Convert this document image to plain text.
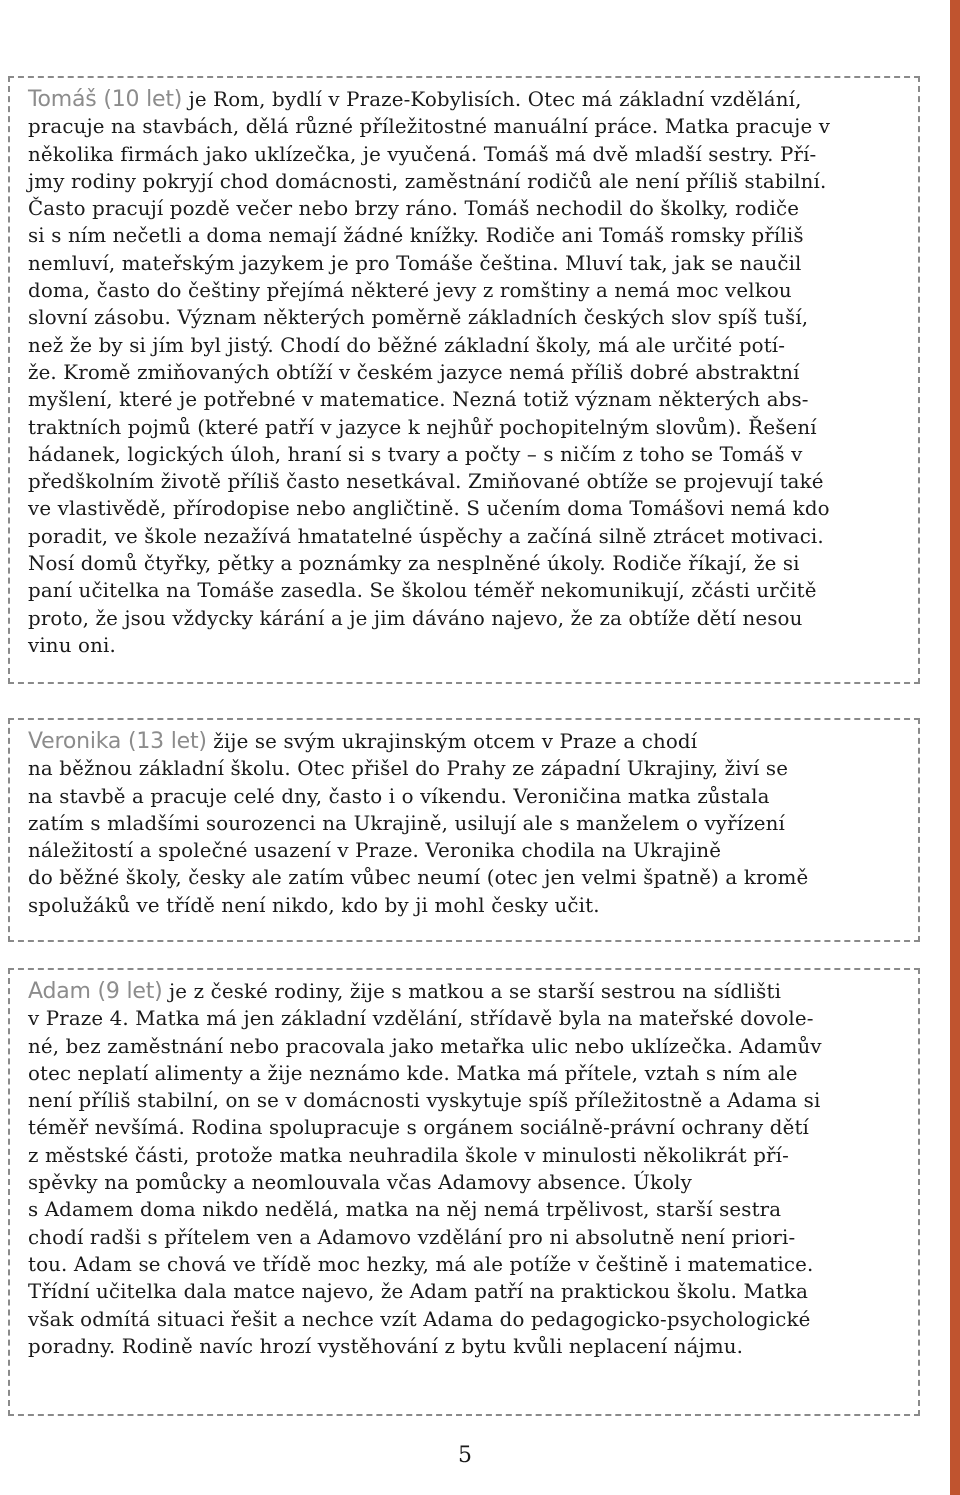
Tomáš (10 let) je Rom, bydlí v Praze-Kobylisích. Otec má základní vzdělání,
pracuje na stavbách, dělá různé příležitostné manuální práce. Matka pracuje v
několika firmách jako uklízečka, je vyučená. Tomáš má dvě mladší sestry. Pří-
jmy rodiny pokryjí chod domácnosti, zaměstnání rodičů ale není příliš stabilní.
Často pracují pozdě večer nebo brzy ráno. Tomáš nechodil do školky, rodiče
si s ním nečetli a doma nemají žádné knížky. Rodiče ani Tomáš romsky příliš
nemluví, mateřským jazykem je pro Tomáše čeština. Mluví tak, jak se naučil
doma, často do češtiny přejímá některé jevy z romštiny a nemá moc velkou
slovní zásobu. Význam některých poměrně základních českých slov spíš tuší,
než že by si jím byl jistý. Chodí do běžné základní školy, má ale určité potí-
že. Kromě zmiňovaných obtíží v českém jazyce nemá příliš dobré abstraktní
myšlení, které je potřebné v matematice. Nezná totiž význam některých abs-
traktních pojmů (které patří v jazyce k nejhůř pochopitelným slovům). Řešení
hádanek, logických úloh, hraní si s tvary a počty – s ničím z toho se Tomáš v
předškolním životě příliš často nesetkával. Zmiňované obtíže se projevují také
ve vlastivědě, přírodopise nebo angličtině. S učením doma Tomášovi nemá kdo
poradit, ve škole nezažívá hmatatelné úspěchy a začíná silně ztrácet motivaci.
Nosí domů čtyřky, pětky a poznámky za nesplněné úkoly. Rodiče říkají, že si
paní učitelka na Tomáše zasedla. Se školou téměř nekomunikují, zčásti určitě
proto, že jsou vždycky kárání a je jim dáváno najevo, že za obtíže dětí nesou
vinu oni.

Veronika (13 let) žije se svým ukrajinským otcem v Praze a chodí
na běžnou základní školu. Otec přišel do Prahy ze západní Ukrajiny, živí se
na stavbě a pracuje celé dny, často i o víkendu. Veroničina matka zůstala
zatím s mladšími sourozenci na Ukrajině, usilují ale s manželem o vyřízení
náležitostí a společné usazení v Praze. Veronika chodila na Ukrajině
do běžné školy, česky ale zatím vůbec neumí (otec jen velmi špatně) a kromě
spolužáků ve třídě není nikdo, kdo by ji mohl česky učit.

Adam (9 let) je z české rodiny, žije s matkou a se starší sestrou na sídlišti
v Praze 4. Matka má jen základní vzdělání, střídavě byla na mateřské dovole-
né, bez zaměstnání nebo pracovala jako metařka ulic nebo uklízečka. Adamův
otec neplatí alimenty a žije neznámo kde. Matka má přítele, vztah s ním ale
není příliš stabilní, on se v domácnosti vyskytuje spíš příležitostně a Adama si
téměř nevšímá. Rodina spolupracuje s orgánem sociálně-právní ochrany dětí
z městské části, protože matka neuhradila škole v minulosti několikrát pří-
spěvky na pomůcky a neomlouvala včas Adamovy absence. Úkoly
s Adamem doma nikdo nedělá, matka na něj nemá trpělivost, starší sestra
chodí radši s přítelem ven a Adamovo vzdělání pro ni absolutně není priori-
tou. Adam se chová ve třídě moc hezky, má ale potíže v češtině i matematice.
Třídní učitelka dala matce najevo, že Adam patří na praktickou školu. Matka
však odmítá situaci řešit a nechce vzít Adama do pedagogicko-psychologické
poradny. Rodině navíc hrozí vystěhování z bytu kvůli neplacení nájmu.

5
